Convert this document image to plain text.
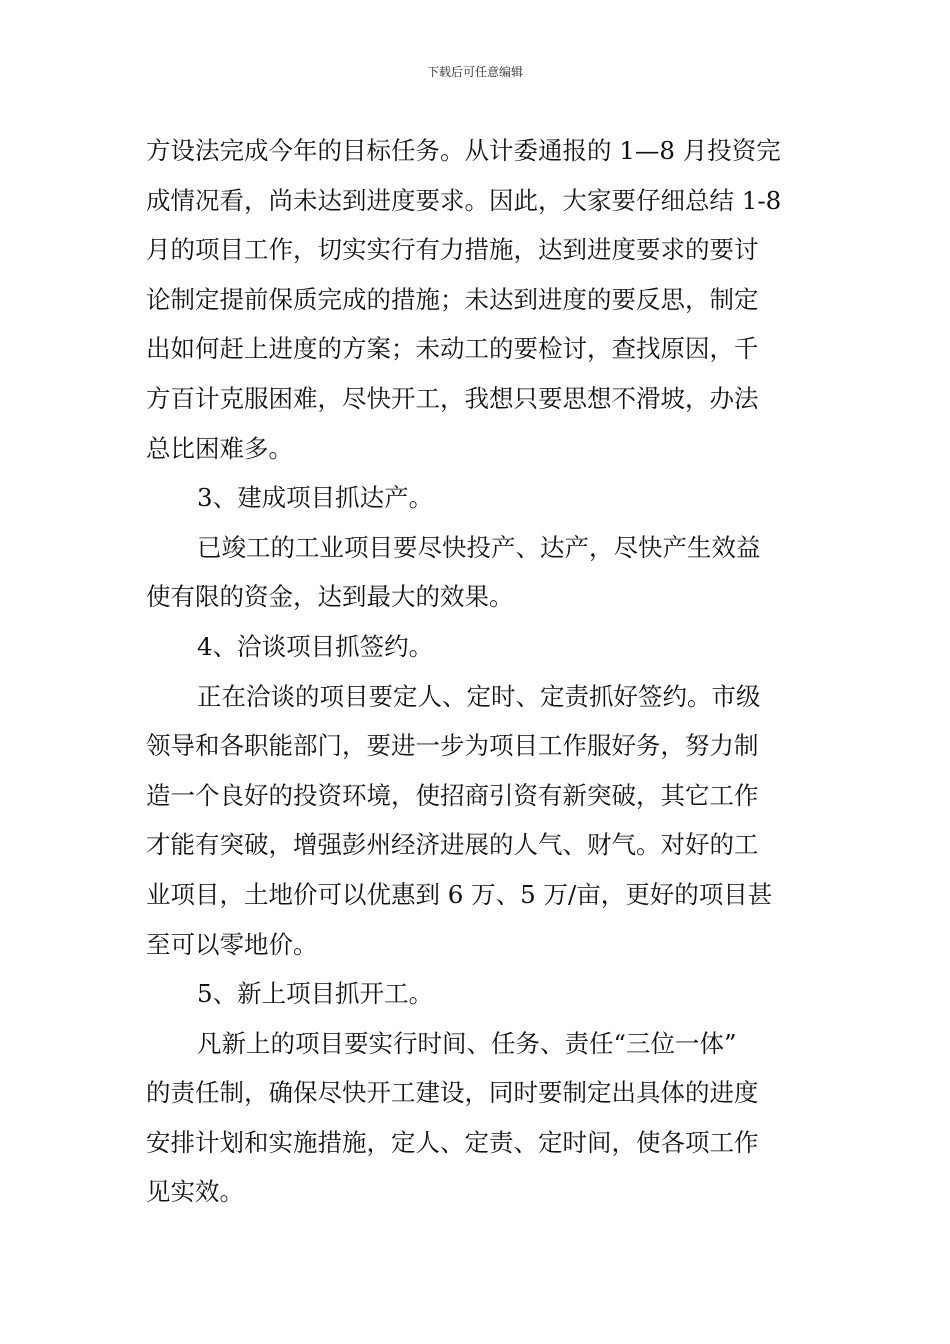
下载后可任意编辑
方设法完成今年的目标任务。从计委通报的 1—8 月投资完
成情况看，尚未达到进度要求。因此，大家要仔细总结 1-8
月的项目工作，切实实行有力措施，达到进度要求的要讨
论制定提前保质完成的措施；未达到进度的要反思，制定
出如何赶上进度的方案；未动工的要检讨，查找原因，千
方百计克服困难，尽快开工，我想只要思想不滑坡，办法
总比困难多。
3、建成项目抓达产。
已竣工的工业项目要尽快投产、达产，尽快产生效益
使有限的资金，达到最大的效果。
4、洽谈项目抓签约。
正在洽谈的项目要定人、定时、定责抓好签约。市级
领导和各职能部门，要进一步为项目工作服好务，努力制
造一个良好的投资环境，使招商引资有新突破，其它工作
才能有突破，增强彭州经济进展的人气、财气。对好的工
业项目，土地价可以优惠到 6 万、5 万/亩，更好的项目甚
至可以零地价。
5、新上项目抓开工。
凡新上的项目要实行时间、任务、责任“三位一体”
的责任制，确保尽快开工建设，同时要制定出具体的进度
安排计划和实施措施，定人、定责、定时间，使各项工作
见实效。
